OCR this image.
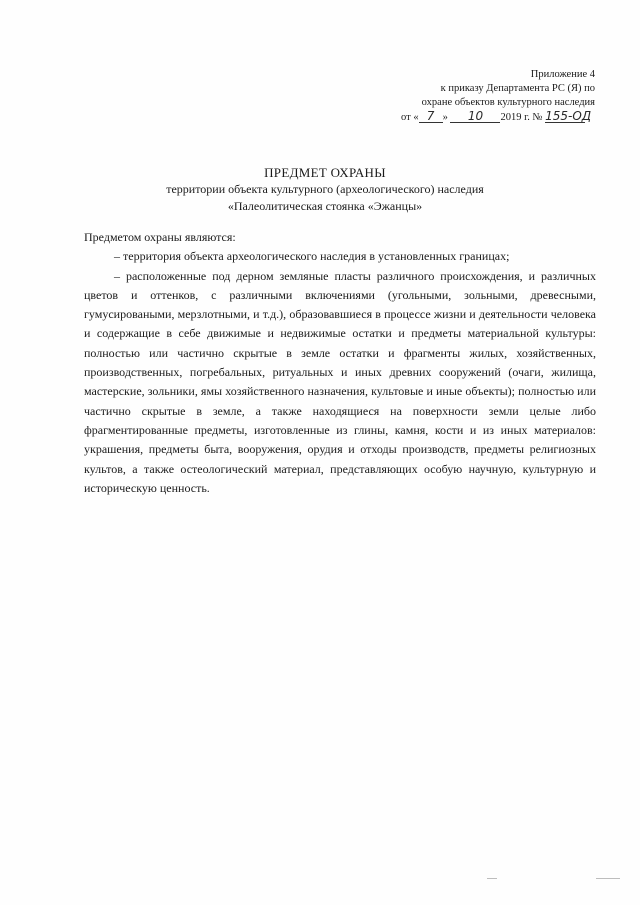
Приложение 4
к приказу Департамента РС (Я) по
охране объектов культурного наследия
от « 7 » 10 2019 г. № 155-ОД
ПРЕДМЕТ ОХРАНЫ
территории объекта культурного (археологического) наследия
«Палеолитическая стоянка «Эжанцы»
Предметом охраны являются:
– территория объекта археологического наследия в установленных границах;
– расположенные под дерном земляные пласты различного происхождения, и различных цветов и оттенков, с различными включениями (угольными, зольными, древесными, гумусироваными, мерзлотными, и т.д.), образовавшиеся в процессе жизни и деятельности человека и содержащие в себе движимые и недвижимые остатки и предметы материальной культуры: полностью или частично скрытые в земле остатки и фрагменты жилых, хозяйственных, производственных, погребальных, ритуальных и иных древних сооружений (очаги, жилища, мастерские, зольники, ямы хозяйственного назначения, культовые и иные объекты); полностью или частично скрытые в земле, а также находящиеся на поверхности земли целые либо фрагментированные предметы, изготовленные из глины, камня, кости и из иных материалов: украшения, предметы быта, вооружения, орудия и отходы производств, предметы религиозных культов, а также остеологический материал, представляющих особую научную, культурную и историческую ценность.
